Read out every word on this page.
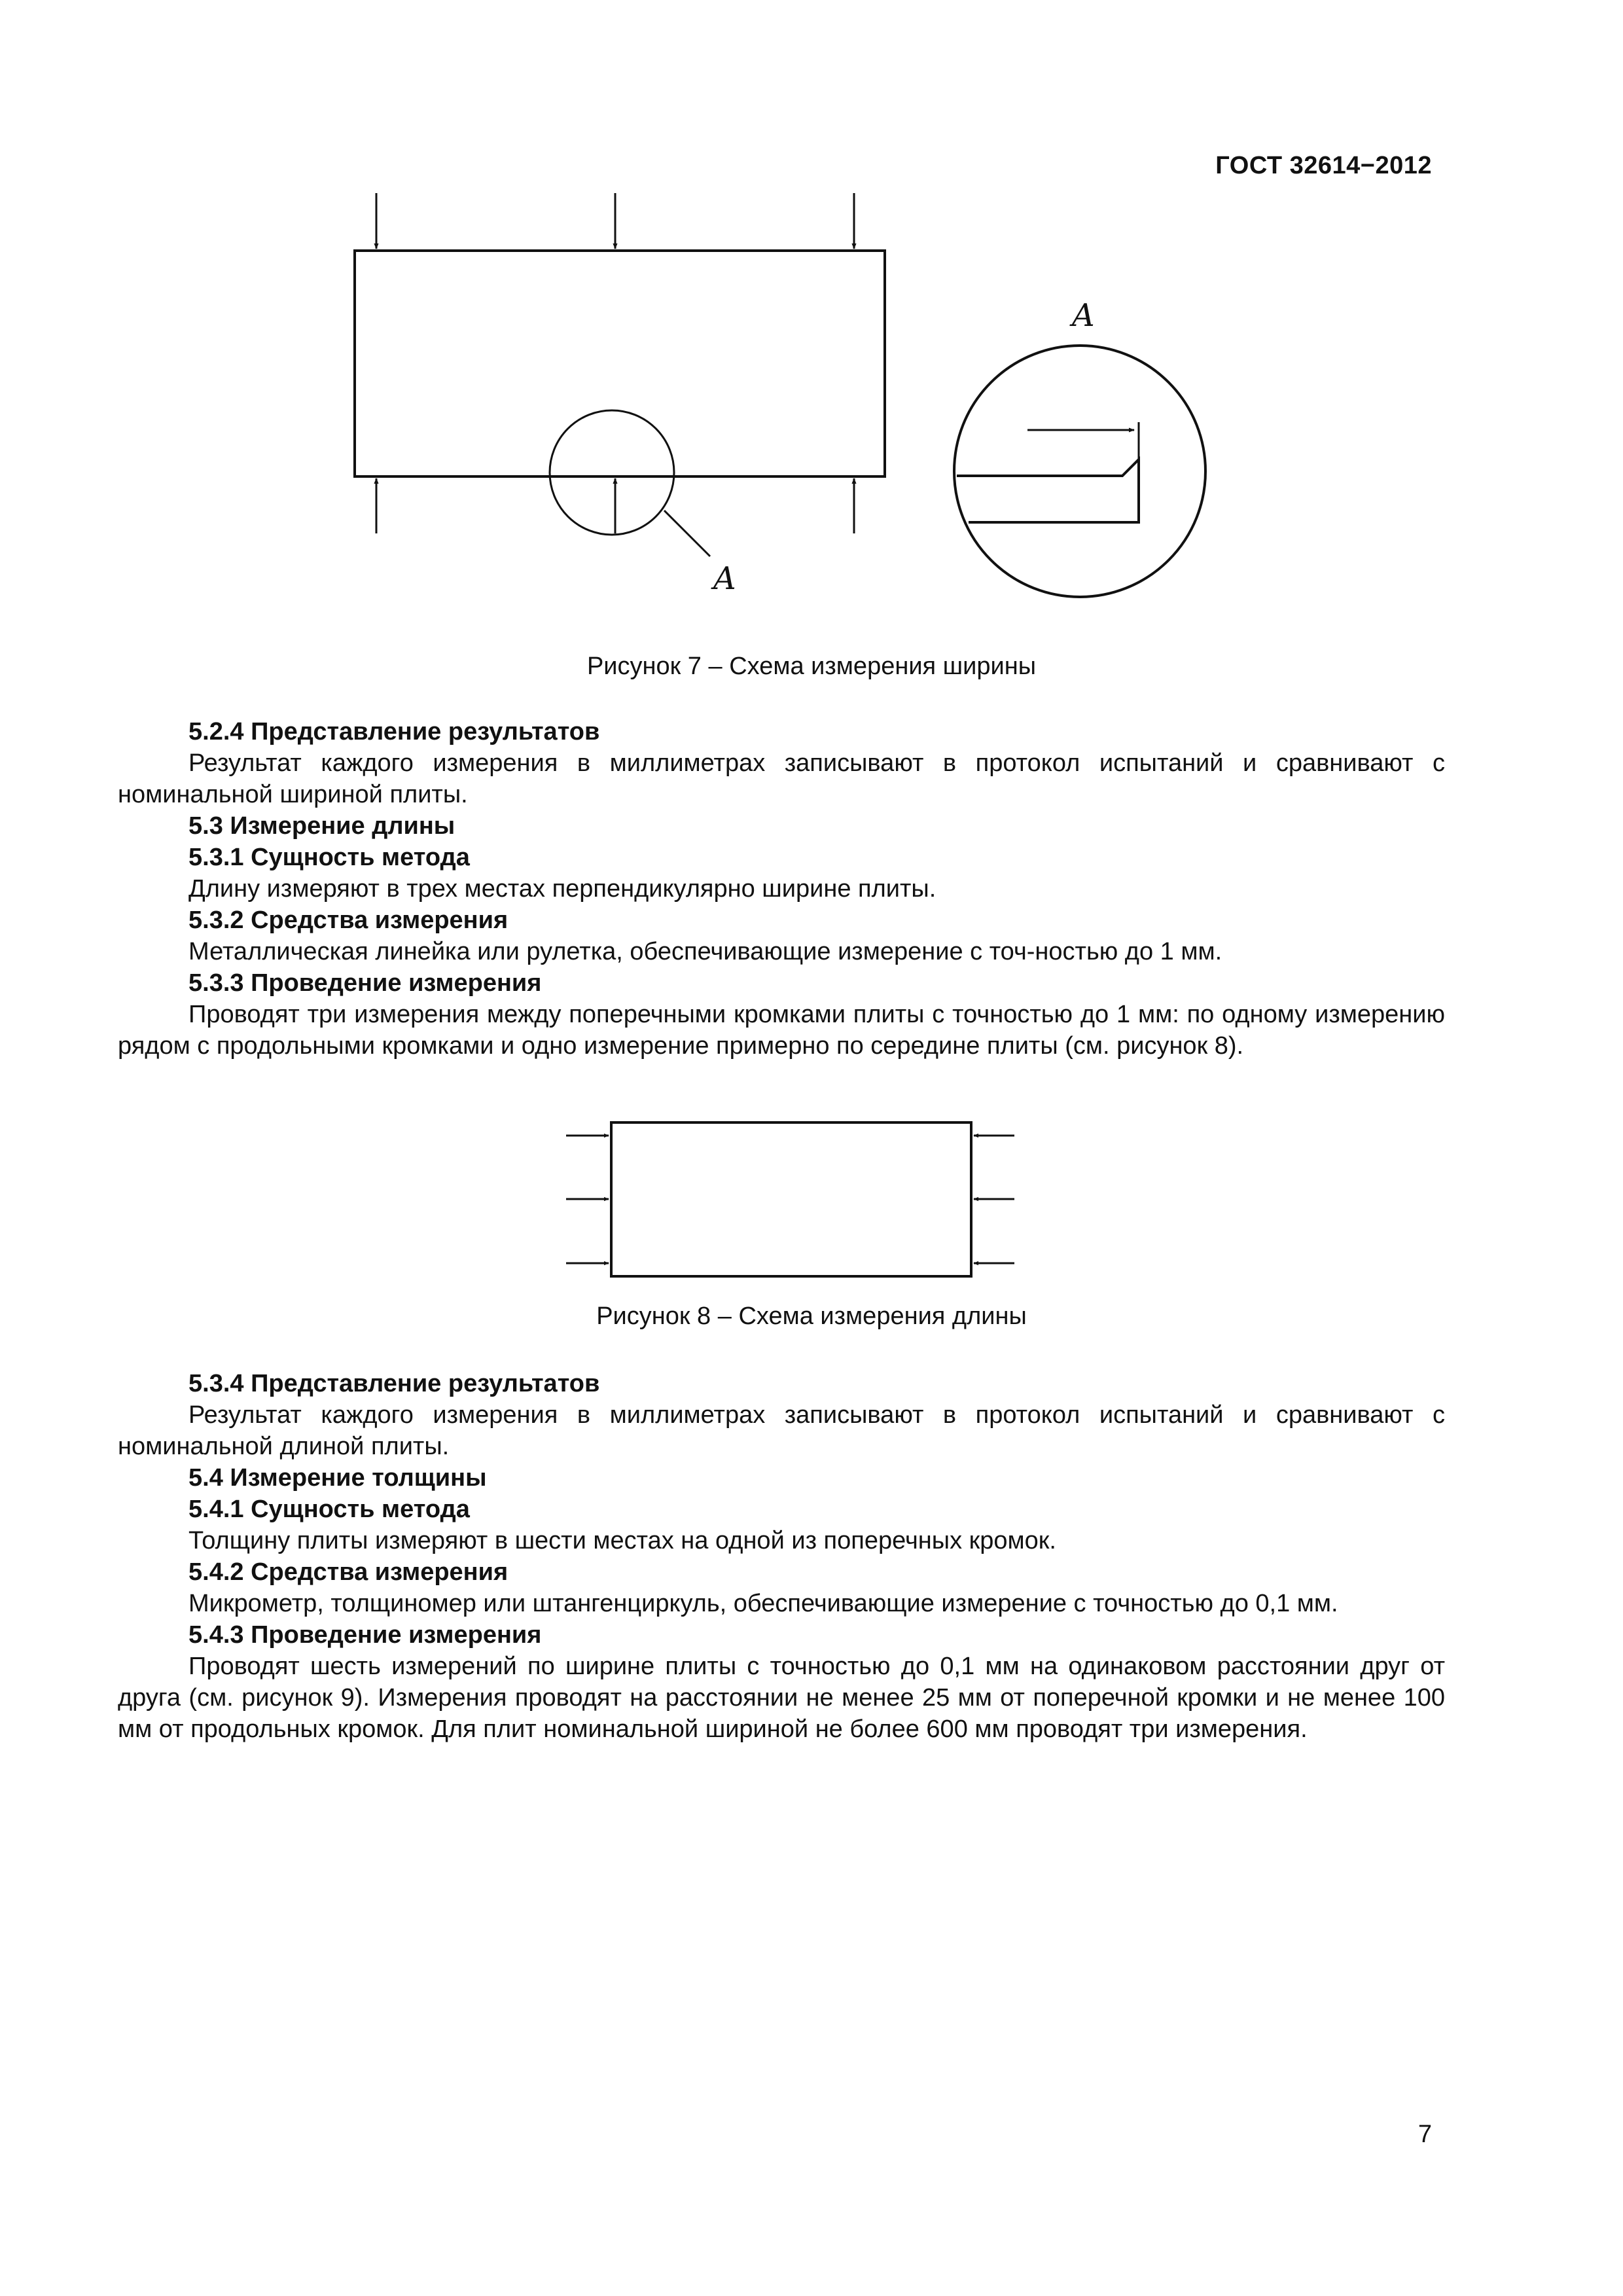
ГОСТ 32614−2012
A
A
Рисунок 7 – Схема измерения ширины

5.2.4 Представление результатов

Результат каждого измерения в миллиметрах записывают в протокол испытаний и сравнивают с номинальной шириной плиты.

5.3 Измерение длины

5.3.1 Сущность метода

Длину измеряют в трех местах перпендикулярно ширине плиты.

5.3.2 Средства измерения

Металлическая линейка или рулетка, обеспечивающие измерение с точ-ностью до 1 мм.

5.3.3 Проведение измерения

Проводят три измерения между поперечными кромками плиты с точностью до 1 мм: по одному измерению рядом с продольными кромками и одно измерение примерно по середине плиты (см. рисунок 8).

Рисунок 8 – Схема измерения длины

5.3.4 Представление результатов

Результат каждого измерения в миллиметрах записывают в протокол испытаний и сравнивают с номинальной длиной плиты.

5.4 Измерение толщины

5.4.1 Сущность метода

Толщину плиты измеряют в шести местах на одной из поперечных кромок.

5.4.2 Средства измерения

Микрометр, толщиномер или штангенциркуль, обеспечивающие измерение с точностью до 0,1 мм.

5.4.3 Проведение измерения

Проводят шесть измерений по ширине плиты с точностью до 0,1 мм на одинаковом расстоянии друг от друга (см. рисунок 9). Измерения проводят на расстоянии не менее 25 мм от поперечной кромки и не менее 100 мм от продольных кромок. Для плит номинальной шириной не более 600 мм проводят три измерения.

7
